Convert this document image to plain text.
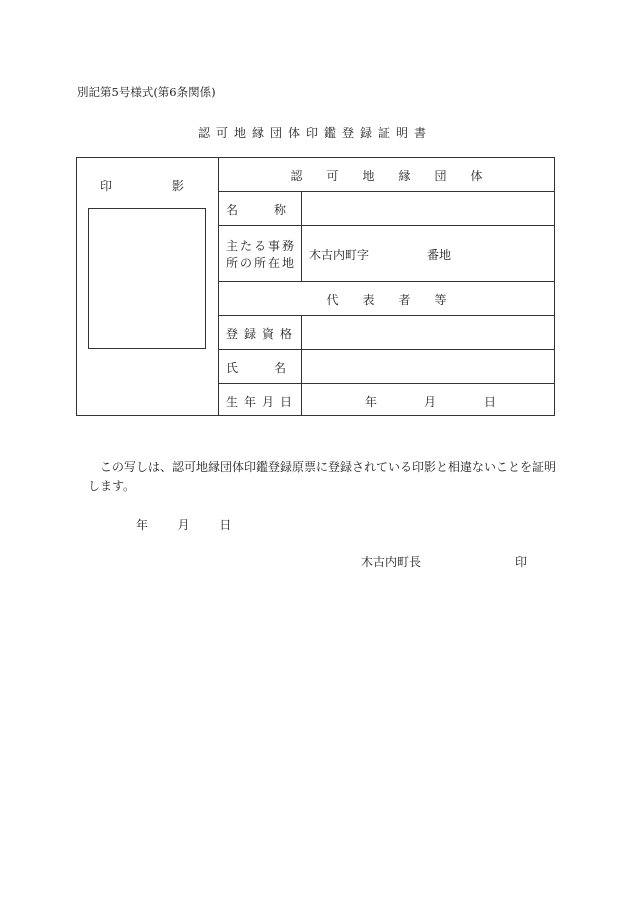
別記第5号様式(第6条関係)
認可地縁団体印鑑登録証明書
印　　　　　影
認　　可　　地　　縁　　団　　体
名　　　称
主たる事務
所の所在地
木古内町字	番地
代　　表　　者　　等
登録資格
氏　　　名
生年月日	年	月	日
この写しは、認可地縁団体印鑑登録原票に登録されている印影と相違ないことを証明します。
年 月 日
木古内町長	印
